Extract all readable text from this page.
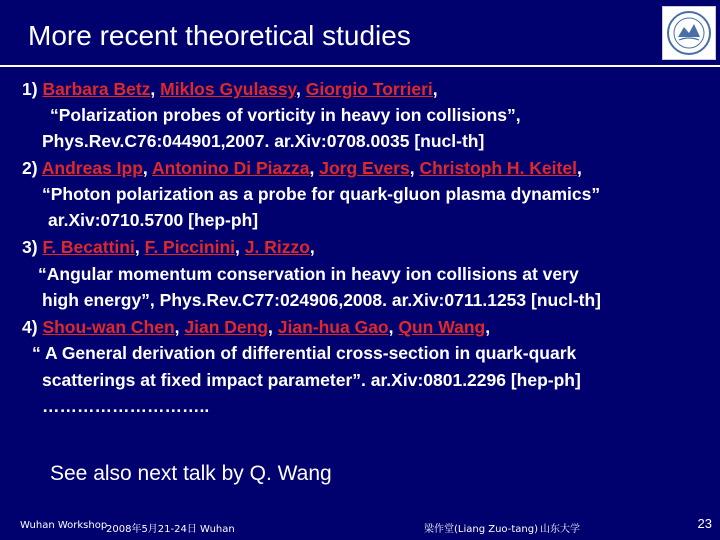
More recent theoretical studies
1) Barbara Betz, Miklos Gyulassy, Giorgio Torrieri,
“Polarization probes of vorticity in heavy ion collisions”,
Phys.Rev.C76:044901,2007. ar.Xiv:0708.0035 [nucl-th]
2) Andreas Ipp, Antonino Di Piazza, Jorg Evers, Christoph H. Keitel,
“Photon polarization as a probe for quark-gluon plasma dynamics”
ar.Xiv:0710.5700 [hep-ph]
3) F. Becattini, F. Piccinini, J. Rizzo,
“Angular momentum conservation in heavy ion collisions at very
high energy”, Phys.Rev.C77:024906,2008. ar.Xiv:0711.1253 [nucl-th]
4) Shou-wan Chen, Jian Deng, Jian-hua Gao, Qun Wang,
“ A General derivation of differential cross-section in quark-quark
scatterings at fixed impact parameter”. ar.Xiv:0801.2296 [hep-ph]
………………………..
See also next talk by Q. Wang
Wuhan Workshop
2008年5月21-24日 Wuhan	梁作堂(Liang Zuo-tang) 山东大学	23
